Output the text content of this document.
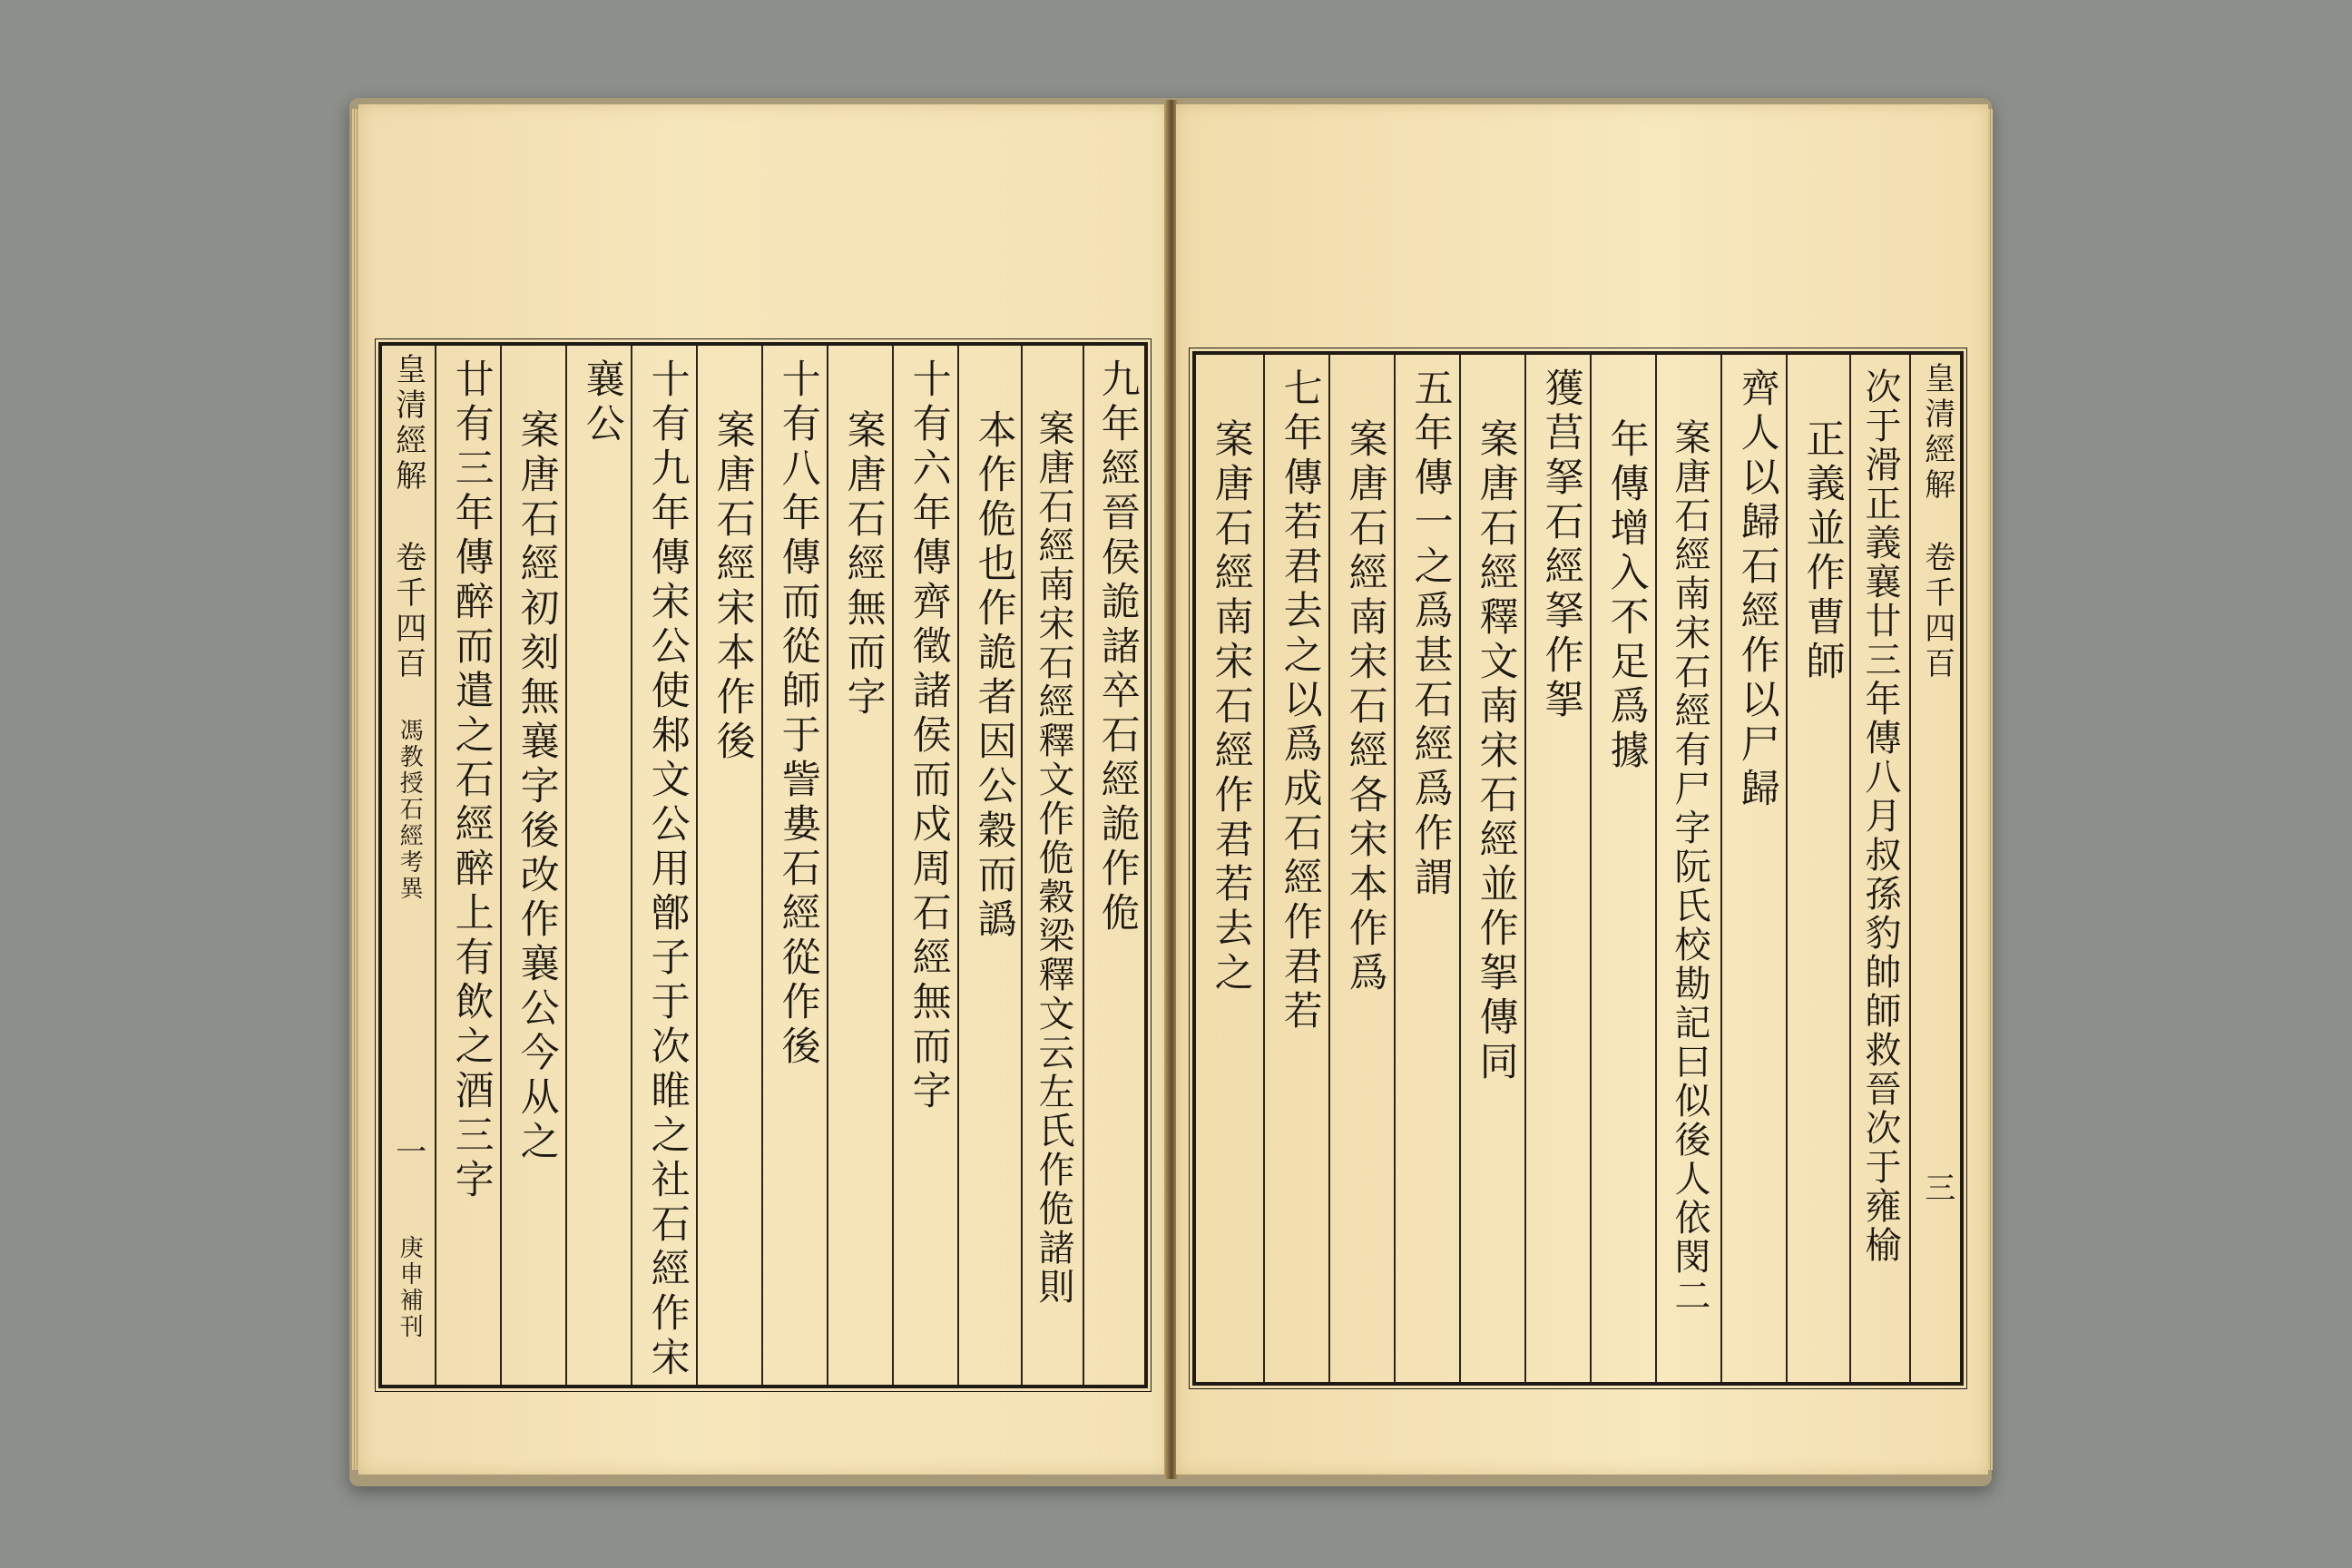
皇清經解
卷千四百
馮教授石經考異
一
庚申補刊
廿有三年傳醉而遣之石經醉上有飲之酒三字 案唐石經初刻無襄字後改作襄公今从之
襄公 十有九年傳宋公使邾文公用鄫子于次睢之社石經作宋 案唐石經宋本作後 十有八年傳而從師于訾婁石經從作後 案唐石經無而字 十有六年傳齊徵諸侯而戍周石經無而字 本作佹也作詭者因公穀而譌 案唐石經南宋石經釋文作佹穀梁釋文云左氏作佹諸則 九年經晉侯詭諸卒石經詭作佹 案唐石經南宋石經作君若去之 七年傳若君去之以爲成石經作君若 案唐石經南宋石經各宋本作爲 五年傳一之爲甚石經爲作謂 案唐石經釋文南宋石經並作挐傳同 獲莒拏石經拏作挐 年傳增入不足爲據 案唐石經南宋石經有尸字阮氏校勘記曰似後人依閔二 齊人以歸石經作以尸歸 正義並作曹師 次于滑正義襄廿三年傳八月叔孫豹帥師救晉次于雍榆 皇清經解
卷千四百
三
